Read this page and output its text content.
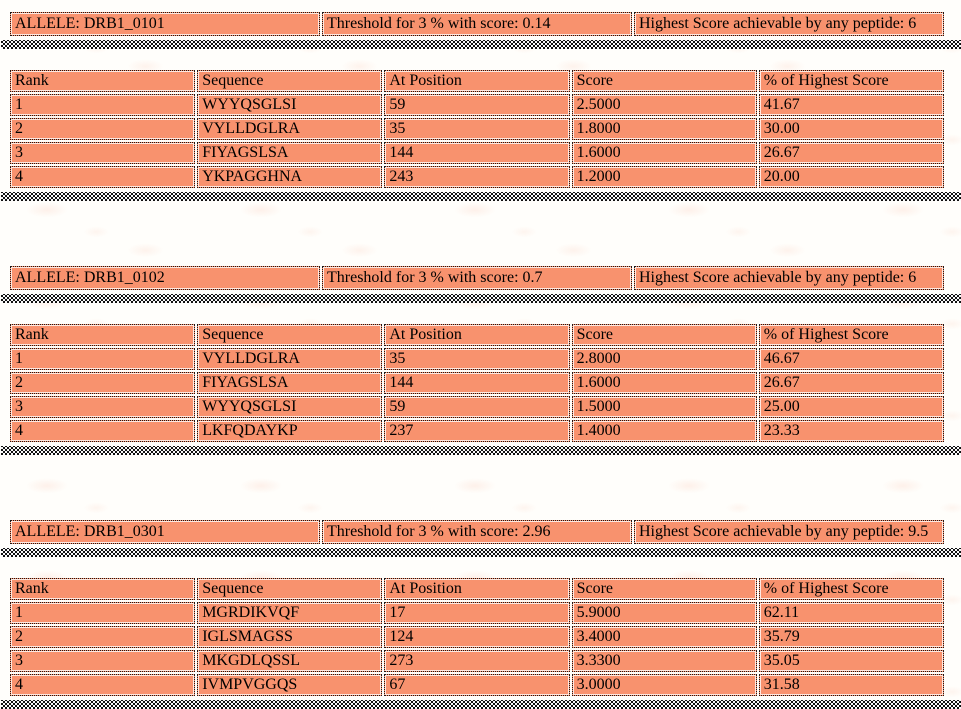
ALLELE: DRB1_0101	Threshold for 3 % with score: 0.14	Highest Score achievable by any peptide: 6
Rank	Sequence	At Position	Score	% of Highest Score
1	WYYQSGLSI	59	2.5000	41.67
2	VYLLDGLRA	35	1.8000	30.00
3	FIYAGSLSA	144	1.6000	26.67
4	YKPAGGHNA	243	1.2000	20.00
ALLELE: DRB1_0102	Threshold for 3 % with score: 0.7	Highest Score achievable by any peptide: 6
Rank	Sequence	At Position	Score	% of Highest Score
1	VYLLDGLRA	35	2.8000	46.67
2	FIYAGSLSA	144	1.6000	26.67
3	WYYQSGLSI	59	1.5000	25.00
4	LKFQDAYKP	237	1.4000	23.33
ALLELE: DRB1_0301	Threshold for 3 % with score: 2.96	Highest Score achievable by any peptide: 9.5
Rank	Sequence	At Position	Score	% of Highest Score
1	MGRDIKVQF	17	5.9000	62.11
2	IGLSMAGSS	124	3.4000	35.79
3	MKGDLQSSL	273	3.3300	35.05
4	IVMPVGGQS	67	3.0000	31.58
